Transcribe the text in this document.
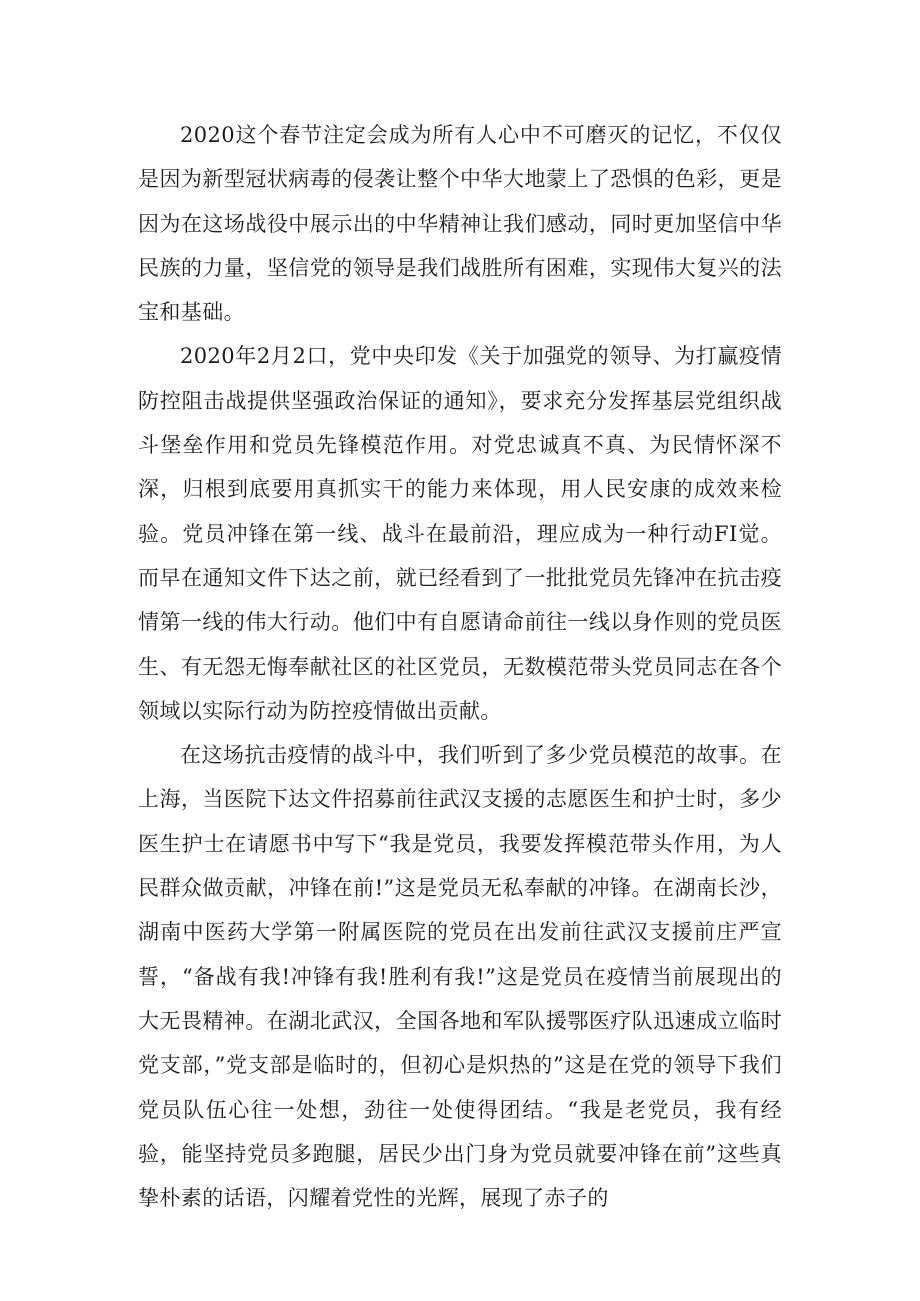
2020这个春节注定会成为所有人心中不可磨灭的记忆，不仅仅是因为新型冠状病毒的侵袭让整个中华大地蒙上了恐惧的色彩，更是因为在这场战役中展示出的中华精神让我们感动，同时更加坚信中华民族的力量，坚信党的领导是我们战胜所有困难，实现伟大复兴的法宝和基础。

2020年2月2口，党中央印发《关于加强党的领导、为打赢疫情防控阻击战提供坚强政治保证的通知》，要求充分发挥基层党组织战斗堡垒作用和党员先锋模范作用。对党忠诚真不真、为民情怀深不深，归根到底要用真抓实干的能力来体现，用人民安康的成效来检验。党员冲锋在第一线、战斗在最前沿，理应成为一种行动FI觉。而早在通知文件下达之前，就已经看到了一批批党员先锋冲在抗击疫情第一线的伟大行动。他们中有自愿请命前往一线以身作则的党员医生、有无怨无悔奉献社区的社区党员，无数模范带头党员同志在各个领域以实际行动为防控疫情做出贡献。

在这场抗击疫情的战斗中，我们听到了多少党员模范的故事。在上海，当医院下达文件招募前往武汉支援的志愿医生和护士时，多少医生护士在请愿书中写下“我是党员，我要发挥模范带头作用，为人民群众做贡献，冲锋在前!”这是党员无私奉献的冲锋。在湖南长沙，湖南中医药大学第一附属医院的党员在出发前往武汉支援前庄严宣誓，“备战有我!冲锋有我!胜利有我!”这是党员在疫情当前展现出的大无畏精神。在湖北武汉，全国各地和军队援鄂医疗队迅速成立临时党支部，”党支部是临时的，但初心是炽热的”这是在党的领导下我们党员队伍心往一处想，劲往一处使得团结。“我是老党员，我有经验，能坚持党员多跑腿，居民少出门身为党员就要冲锋在前”这些真挚朴素的话语，闪耀着党性的光辉，展现了赤子的
